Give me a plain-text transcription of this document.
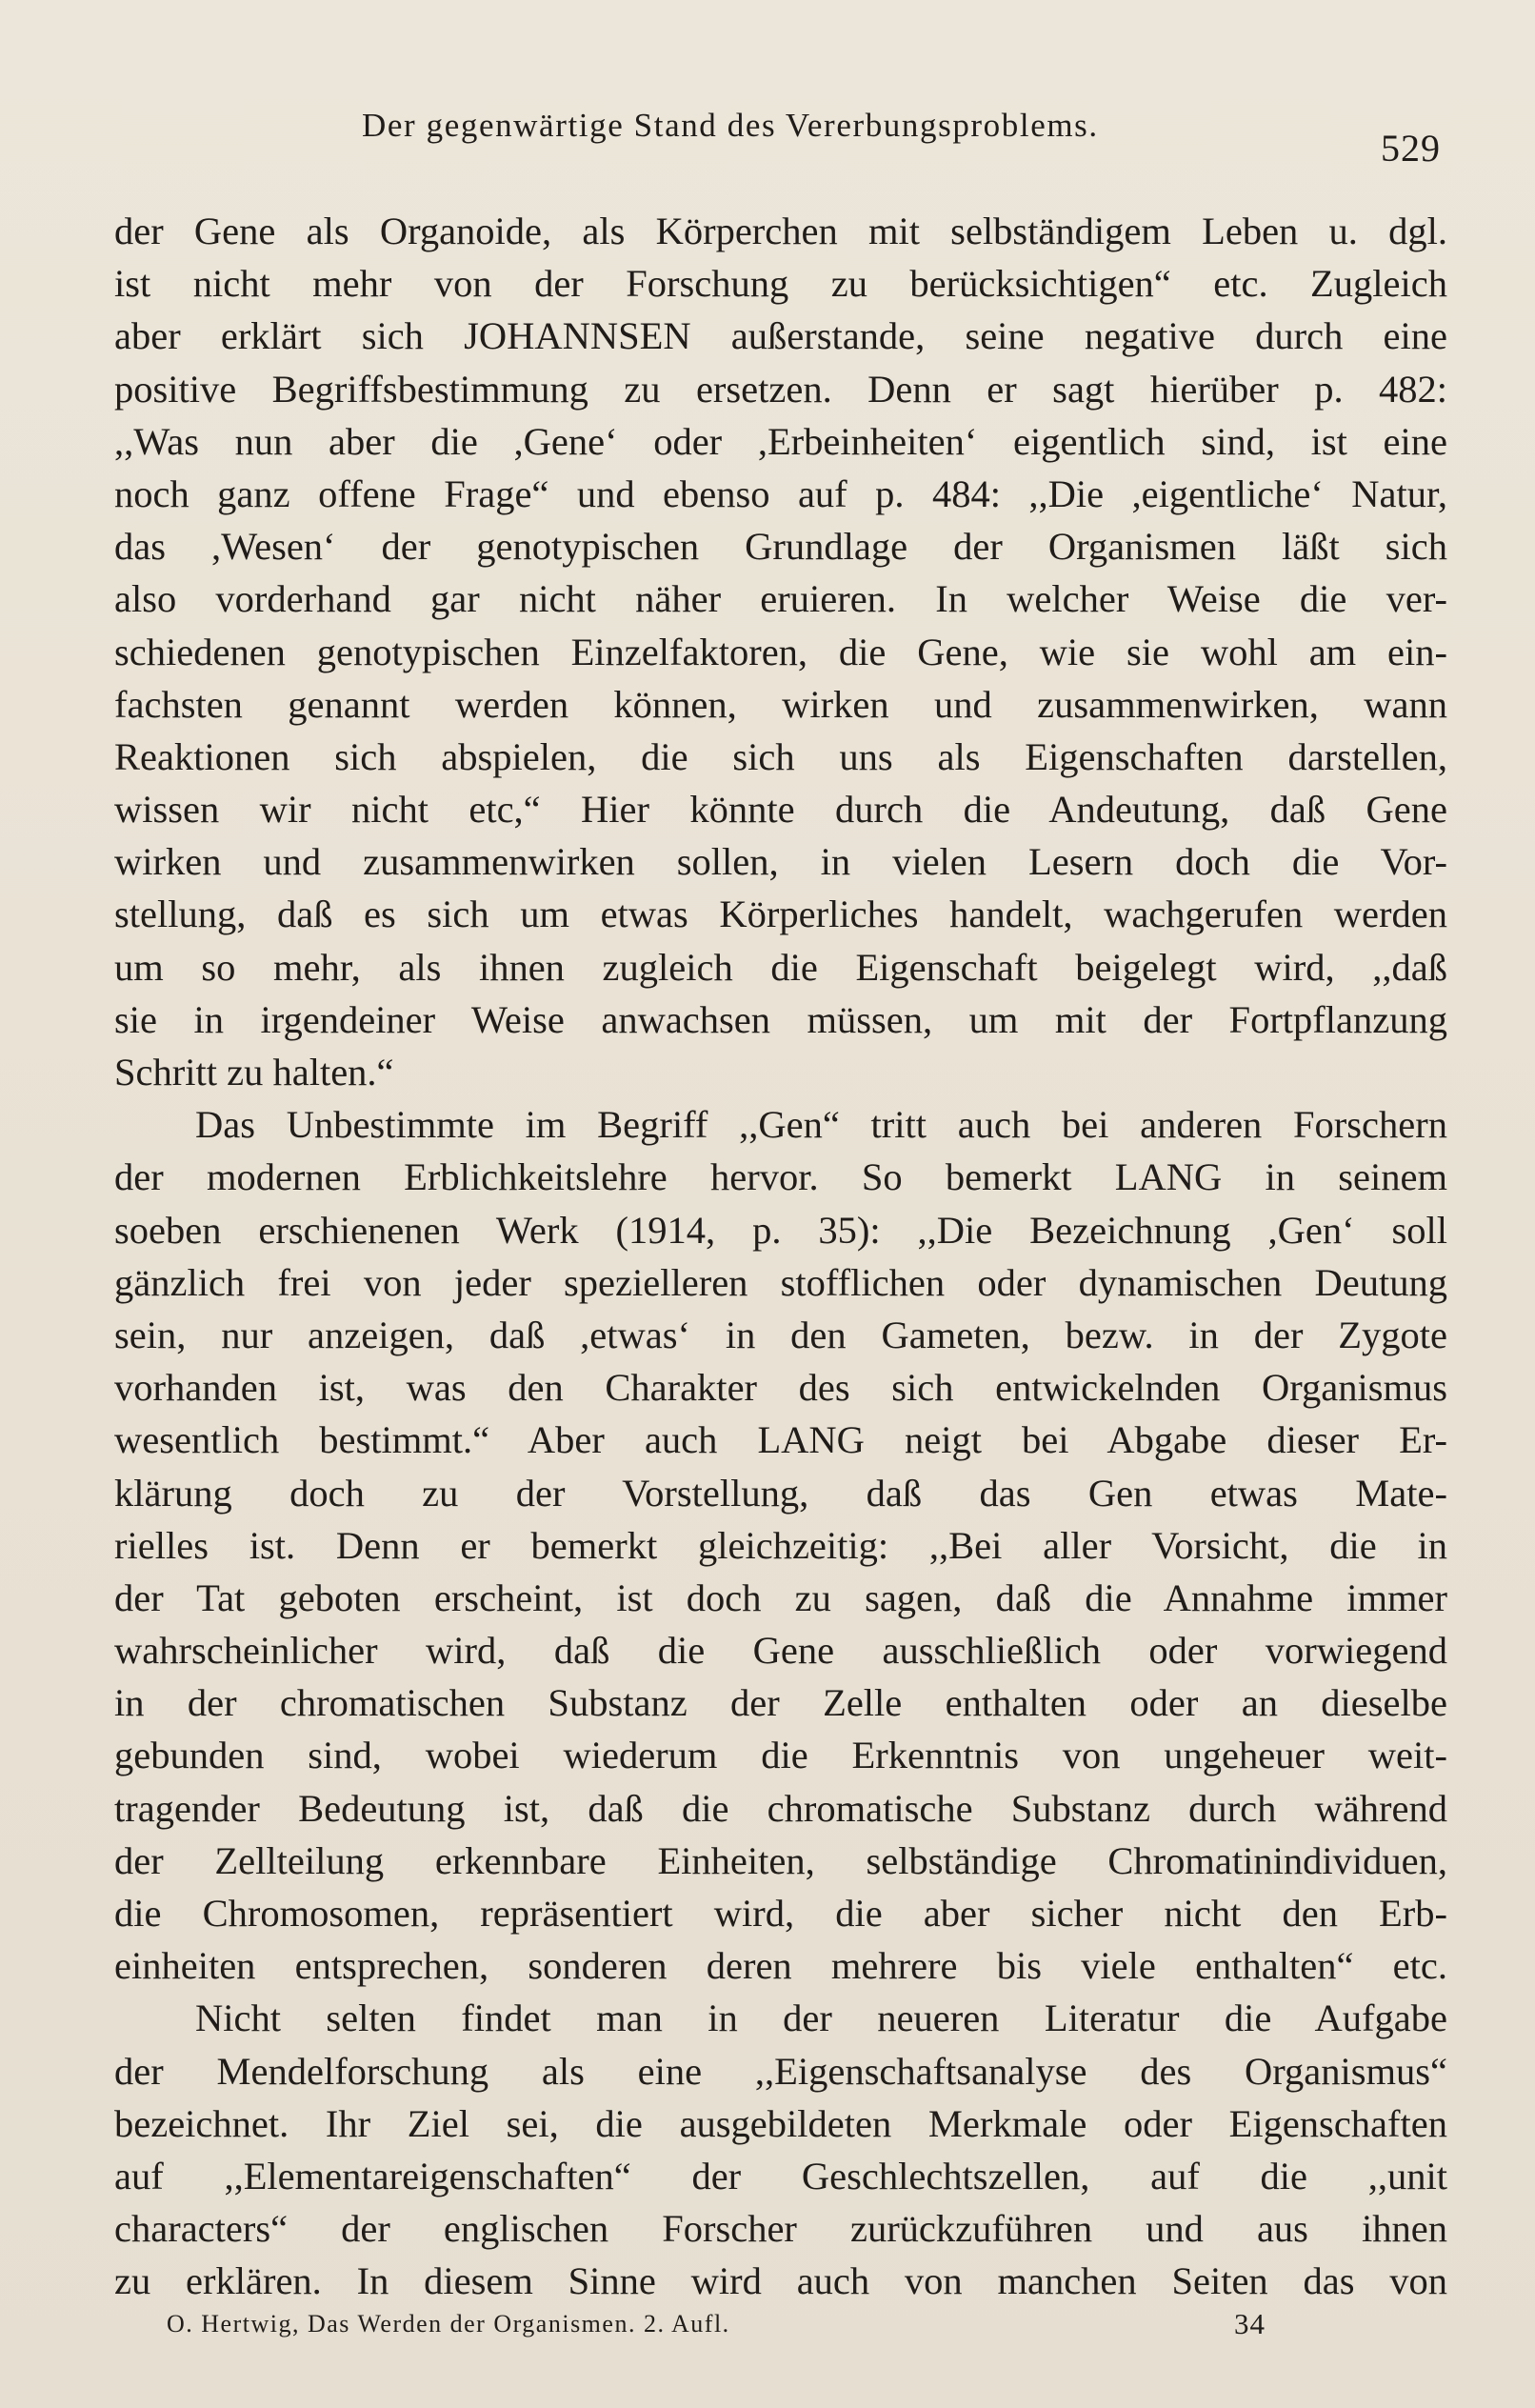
Der gegenwärtige Stand des Vererbungsproblems.
529
der Gene als Organoide, als Körperchen mit selbständigem Leben u. dgl.
ist nicht mehr von der Forschung zu berücksichtigen“ etc. Zugleich
aber erklärt sich JOHANNSEN außerstande, seine negative durch eine
positive Begriffsbestimmung zu ersetzen. Denn er sagt hierüber p. 482:
,,Was nun aber die ,Gene‘ oder ,Erbeinheiten‘ eigentlich sind, ist eine
noch ganz offene Frage“ und ebenso auf p. 484: ,,Die ,eigentliche‘ Natur,
das ,Wesen‘ der genotypischen Grundlage der Organismen läßt sich
also vorderhand gar nicht näher eruieren. In welcher Weise die ver-
schiedenen genotypischen Einzelfaktoren, die Gene, wie sie wohl am ein-
fachsten genannt werden können, wirken und zusammenwirken, wann
Reaktionen sich abspielen, die sich uns als Eigenschaften darstellen,
wissen wir nicht etc,“ Hier könnte durch die Andeutung, daß Gene
wirken und zusammenwirken sollen, in vielen Lesern doch die Vor-
stellung, daß es sich um etwas Körperliches handelt, wachgerufen werden
um so mehr, als ihnen zugleich die Eigenschaft beigelegt wird, ,,daß
sie in irgendeiner Weise anwachsen müssen, um mit der Fortpflanzung
Schritt zu halten.“
Das Unbestimmte im Begriff ,,Gen“ tritt auch bei anderen Forschern
der modernen Erblichkeitslehre hervor. So bemerkt LANG in seinem
soeben erschienenen Werk (1914, p. 35): ,,Die Bezeichnung ,Gen‘ soll
gänzlich frei von jeder spezielleren stofflichen oder dynamischen Deutung
sein, nur anzeigen, daß ,etwas‘ in den Gameten, bezw. in der Zygote
vorhanden ist, was den Charakter des sich entwickelnden Organismus
wesentlich bestimmt.“ Aber auch LANG neigt bei Abgabe dieser Er-
klärung doch zu der Vorstellung, daß das Gen etwas Mate-
rielles ist. Denn er bemerkt gleichzeitig: ,,Bei aller Vorsicht, die in
der Tat geboten erscheint, ist doch zu sagen, daß die Annahme immer
wahrscheinlicher wird, daß die Gene ausschließlich oder vorwiegend
in der chromatischen Substanz der Zelle enthalten oder an dieselbe
gebunden sind, wobei wiederum die Erkenntnis von ungeheuer weit-
tragender Bedeutung ist, daß die chromatische Substanz durch während
der Zellteilung erkennbare Einheiten, selbständige Chromatinindividuen,
die Chromosomen, repräsentiert wird, die aber sicher nicht den Erb-
einheiten entsprechen, sonderen deren mehrere bis viele enthalten“ etc.
Nicht selten findet man in der neueren Literatur die Aufgabe
der Mendelforschung als eine ,,Eigenschaftsanalyse des Organismus“
bezeichnet. Ihr Ziel sei, die ausgebildeten Merkmale oder Eigenschaften
auf ,,Elementareigenschaften“ der Geschlechtszellen, auf die ,,unit
characters“ der englischen Forscher zurückzuführen und aus ihnen
zu erklären. In diesem Sinne wird auch von manchen Seiten das von
O. Hertwig, Das Werden der Organismen. 2. Aufl.	34
